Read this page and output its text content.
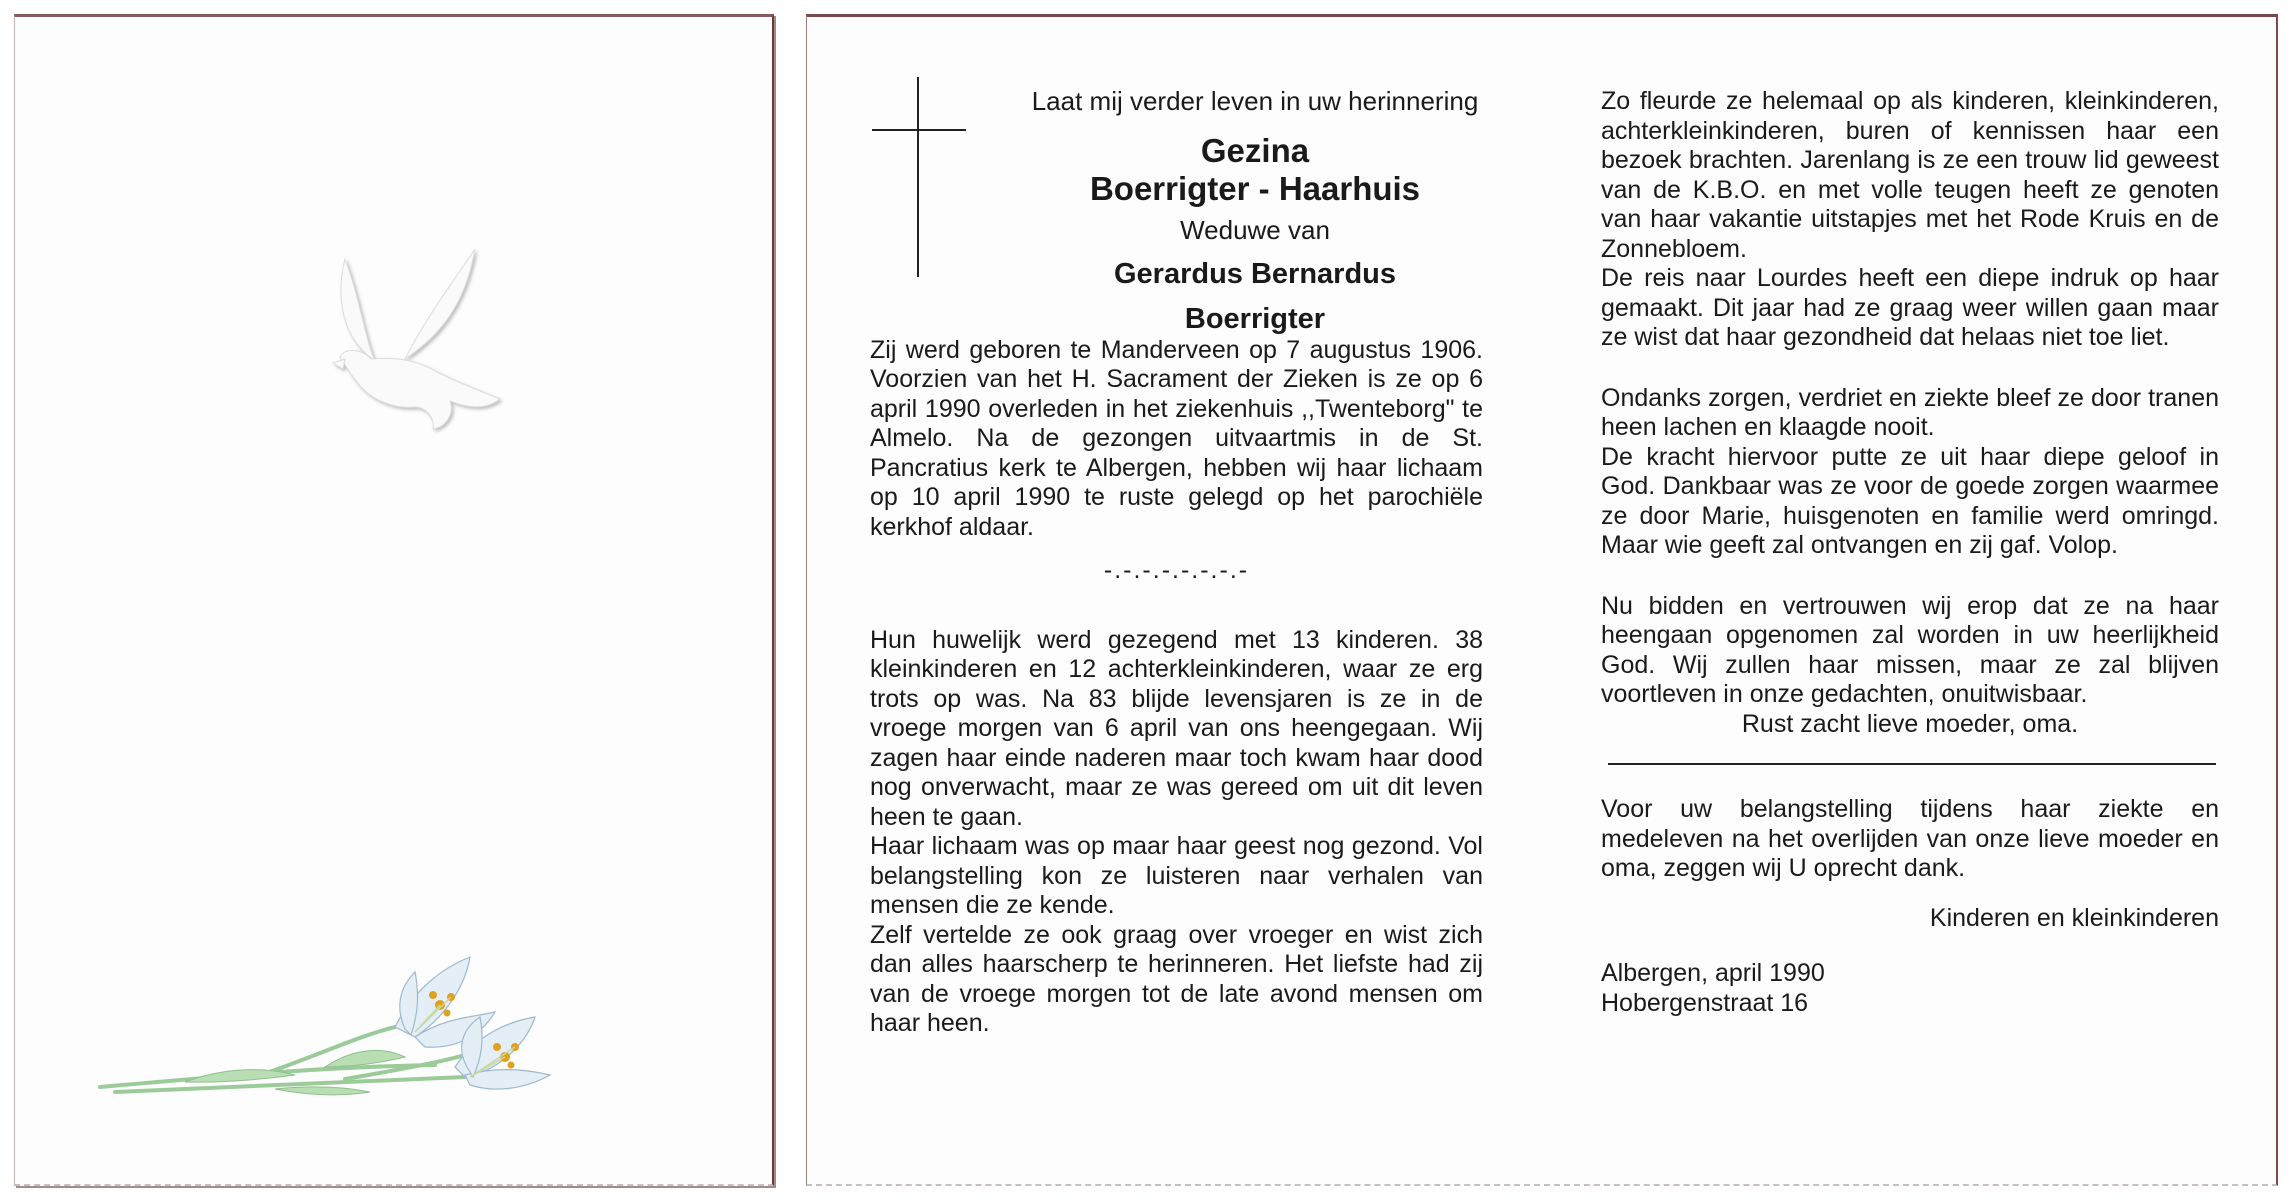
Laat mij verder leven in uw herinnering

Gezina

Boerrigter - Haarhuis

Weduwe van

Gerardus Bernardus

Boerrigter

Zij werd geboren te Manderveen op 7 augustus 1906. Voorzien van het H. Sacrament der Zieken is ze op 6 april 1990 overleden in het ziekenhuis ,,Twenteborg" te Almelo. Na de gezongen uitvaartmis in de St. Pancratius kerk te Albergen, hebben wij haar lichaam op 10 april 1990 te ruste gelegd op het parochiële kerkhof aldaar.

-.-.-.-.-.-.-.-

Hun huwelijk werd gezegend met 13 kinderen. 38 kleinkinderen en 12 achterkleinkinderen, waar ze erg trots op was. Na 83 blijde levensjaren is ze in de vroege morgen van 6 april van ons heengegaan. Wij zagen haar einde naderen maar toch kwam haar dood nog onverwacht, maar ze was gereed om uit dit leven heen te gaan.

Haar lichaam was op maar haar geest nog gezond. Vol belangstelling kon ze luisteren naar verhalen van mensen die ze kende.

Zelf vertelde ze ook graag over vroeger en wist zich dan alles haarscherp te herinneren. Het liefste had zij van de vroege morgen tot de late avond mensen om haar heen.

Zo fleurde ze helemaal op als kinderen, kleinkinderen, achterkleinkinderen, buren of kennissen haar een bezoek brachten. Jarenlang is ze een trouw lid geweest van de K.B.O. en met volle teugen heeft ze genoten van haar vakantie uitstapjes met het Rode Kruis en de Zonnebloem.

De reis naar Lourdes heeft een diepe indruk op haar gemaakt. Dit jaar had ze graag weer willen gaan maar ze wist dat haar gezondheid dat helaas niet toe liet.

Ondanks zorgen, verdriet en ziekte bleef ze door tranen heen lachen en klaagde nooit.

De kracht hiervoor putte ze uit haar diepe geloof in God. Dankbaar was ze voor de goede zorgen waarmee ze door Marie, huisgenoten en familie werd omringd. Maar wie geeft zal ontvangen en zij gaf. Volop.

Nu bidden en vertrouwen wij erop dat ze na haar heengaan opgenomen zal worden in uw heerlijkheid God. Wij zullen haar missen, maar ze zal blijven voortleven in onze gedachten, onuitwisbaar.

Rust zacht lieve moeder, oma.

Voor uw belangstelling tijdens haar ziekte en medeleven na het overlijden van onze lieve moeder en oma, zeggen wij U oprecht dank.

Kinderen en kleinkinderen

Albergen, april 1990

Hobergenstraat 16
